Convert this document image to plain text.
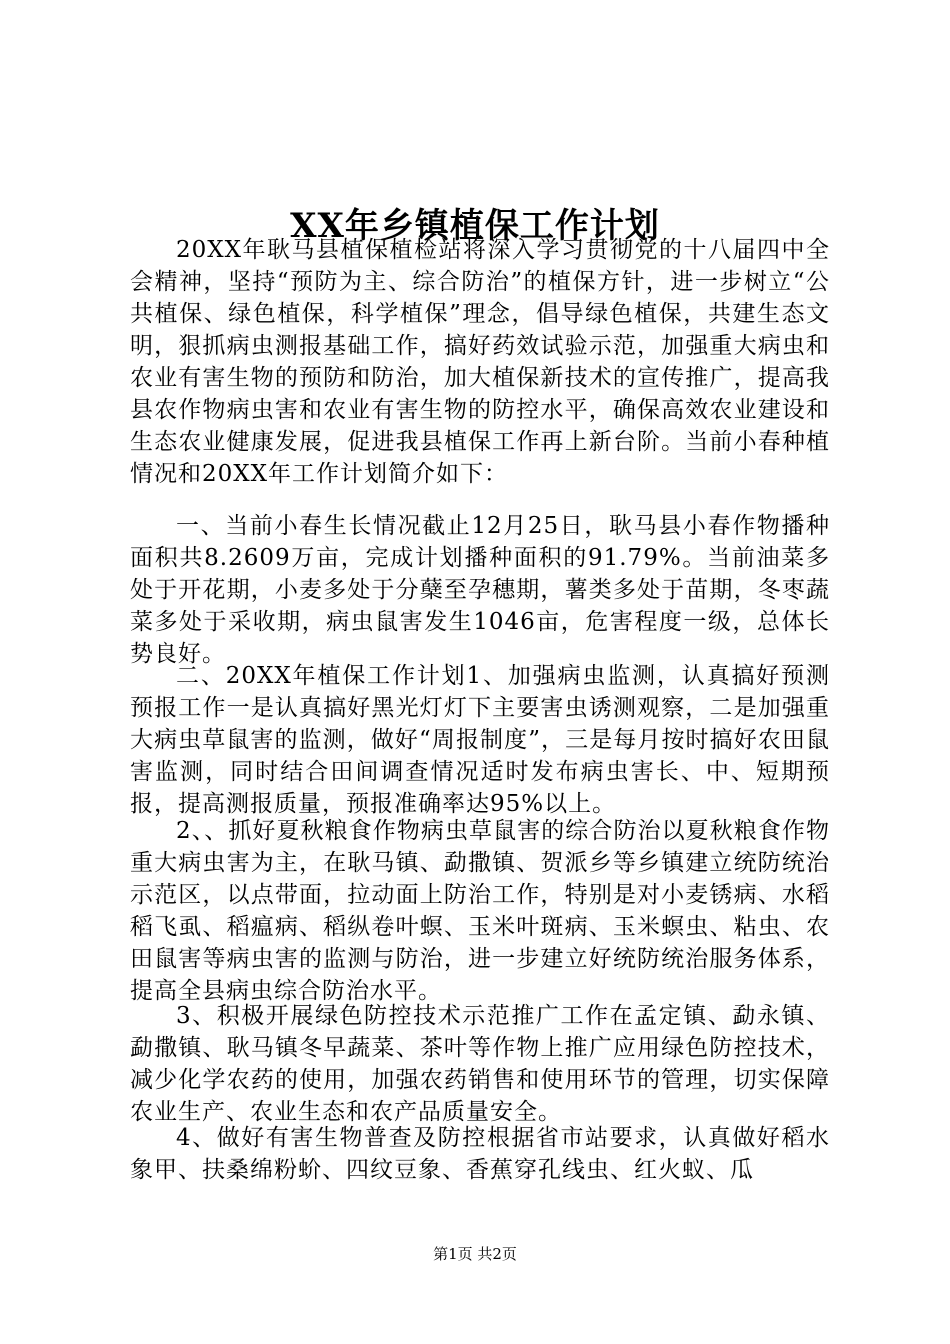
XX年乡镇植保工作计划

20XX年耿马县植保植检站将深入学习贯彻党的十八届四中全会精神，坚持“预防为主、综合防治”的植保方针，进一步树立“公共植保、绿色植保，科学植保”理念，倡导绿色植保，共建生态文明，狠抓病虫测报基础工作，搞好药效试验示范，加强重大病虫和农业有害生物的预防和防治，加大植保新技术的宣传推广，提高我县农作物病虫害和农业有害生物的防控水平，确保高效农业建设和生态农业健康发展，促进我县植保工作再上新台阶。当前小春种植情况和20XX年工作计划简介如下：

一、当前小春生长情况截止12月25日，耿马县小春作物播种面积共8.2609万亩，完成计划播种面积的91.79%。当前油菜多处于开花期，小麦多处于分蘖至孕穗期，薯类多处于苗期，冬枣蔬菜多处于采收期，病虫鼠害发生1046亩，危害程度一级，总体长势良好。

二、20XX年植保工作计划1、加强病虫监测，认真搞好预测预报工作一是认真搞好黑光灯灯下主要害虫诱测观察，二是加强重大病虫草鼠害的监测，做好“周报制度”，三是每月按时搞好农田鼠害监测，同时结合田间调查情况适时发布病虫害长、中、短期预报，提高测报质量，预报准确率达95%以上。

2、、抓好夏秋粮食作物病虫草鼠害的综合防治以夏秋粮食作物重大病虫害为主，在耿马镇、勐撒镇、贺派乡等乡镇建立统防统治示范区，以点带面，拉动面上防治工作，特别是对小麦锈病、水稻稻飞虱、稻瘟病、稻纵卷叶螟、玉米叶斑病、玉米螟虫、粘虫、农田鼠害等病虫害的监测与防治，进一步建立好统防统治服务体系，提高全县病虫综合防治水平。

3、积极开展绿色防控技术示范推广工作在孟定镇、勐永镇、勐撒镇、耿马镇冬早蔬菜、茶叶等作物上推广应用绿色防控技术，减少化学农药的使用，加强农药销售和使用环节的管理，切实保障农业生产、农业生态和农产品质量安全。

4、做好有害生物普查及防控根据省市站要求，认真做好稻水象甲、扶桑绵粉蚧、四纹豆象、香蕉穿孔线虫、红火蚁、瓜

第1页 共2页
